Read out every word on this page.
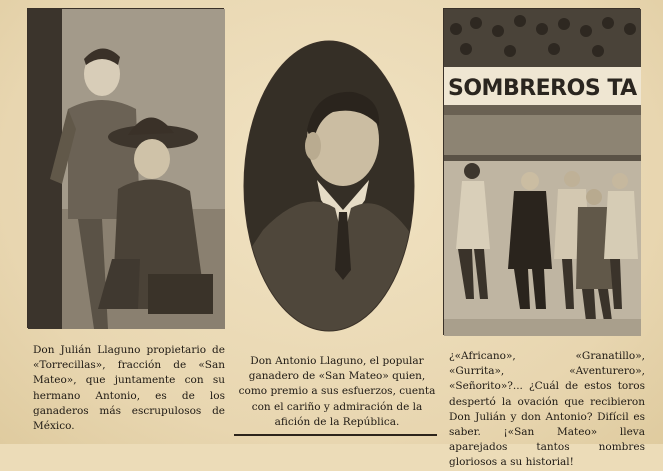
SOMBREROS TA

Don Julián Llaguno propietario de «Torrecillas», fracción de «San Mateo», que juntamente con su hermano Antonio, es de los ganaderos más escrupulosos de México.

Don Antonio Llaguno, el popular ganadero de «San Mateo» quien, como premio a sus esfuerzos, cuenta con el cariño y admiración de la afición de la República.

¿«Africano», «Granatillo», «Gurrita», «Aventurero», «Señorito»?... ¿Cuál de estos toros despertó la ovación que recibieron Don Julián y don Antonio? Difícil es saber. ¡«San Mateo» lleva aparejados tantos nombres gloriosos a su historial!
